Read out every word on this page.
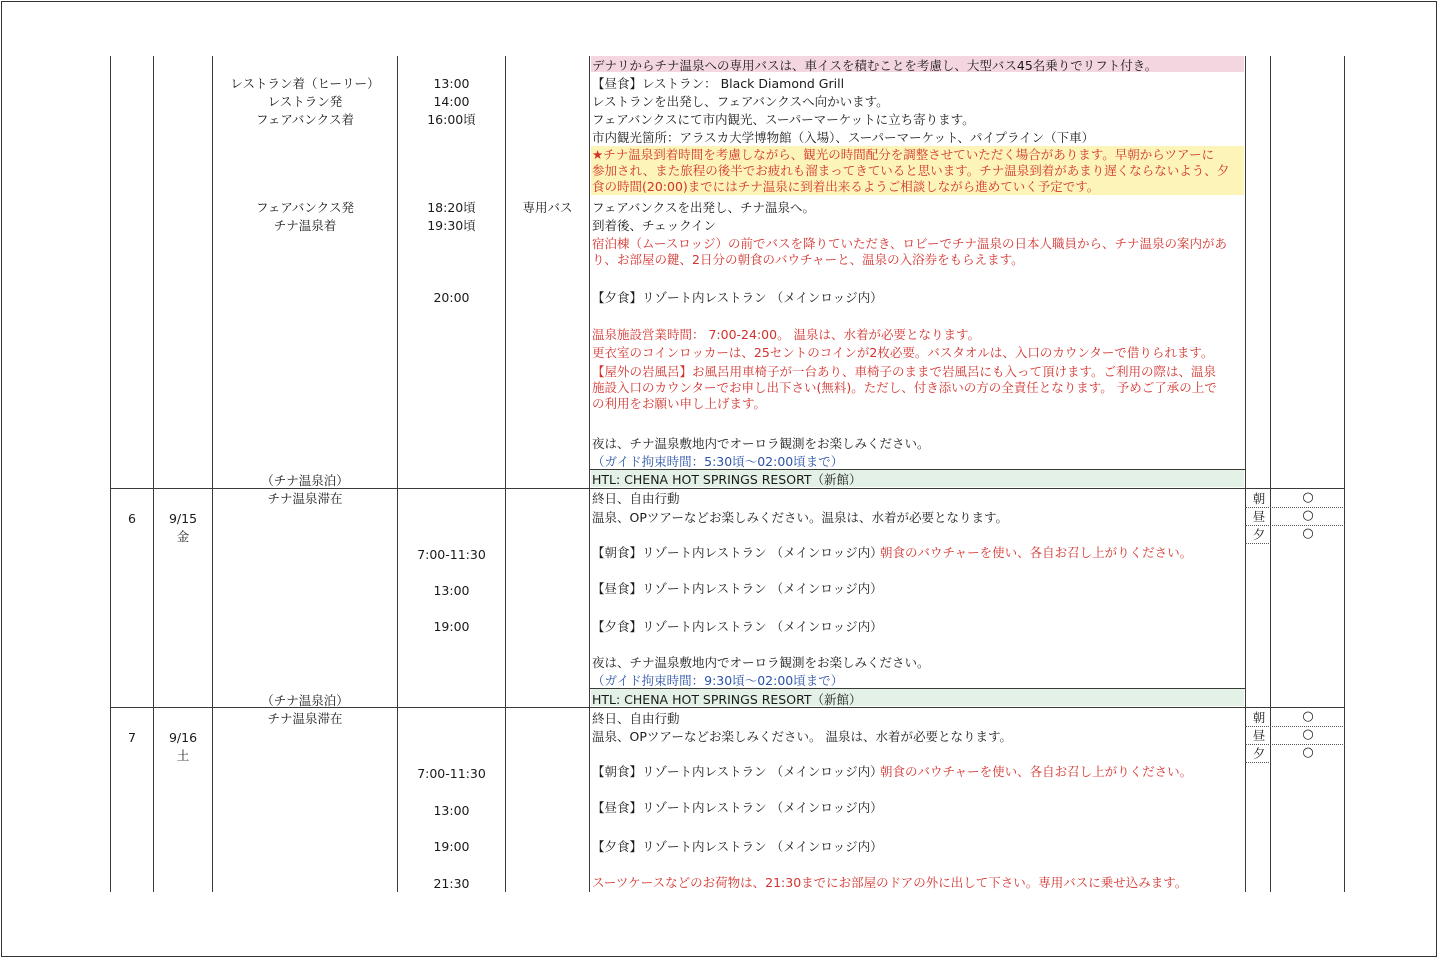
レストラン着（ヒーリー）
レストラン発
フェアバンクス着
フェアバンクス発
チナ温泉着
（チナ温泉泊）
13:00
14:00
16:00頃
18:20頃
19:30頃
20:00
専用バス
デナリからチナ温泉への専用バスは、車イスを積むことを考慮し、大型バス45名乗りでリフト付き。
【昼食】レストラン： Black Diamond Grill
レストランを出発し、フェアバンクスへ向かいます。
フェアバンクスにて市内観光、スーパーマーケットに立ち寄ります。
市内観光箇所：アラスカ大学博物館（入場）、スーパーマーケット、パイプライン（下車）
★チナ温泉到着時間を考慮しながら、観光の時間配分を調整させていただく場合があります。早朝からツアーに
参加され、また旅程の後半でお疲れも溜まってきていると思います。チナ温泉到着があまり遅くならないよう、夕
食の時間(20:00)までにはチナ温泉に到着出来るようご相談しながら進めていく予定です。
フェアバンクスを出発し、チナ温泉へ。
到着後、チェックイン
宿泊棟（ムースロッジ）の前でバスを降りていただき、ロビーでチナ温泉の日本人職員から、チナ温泉の案内があ
り、お部屋の鍵、2日分の朝食のバウチャーと、温泉の入浴券をもらえます。
【夕食】リゾート内レストラン （メインロッジ内）
温泉施設営業時間： 7:00-24:00。 温泉は、水着が必要となります。
更衣室のコインロッカーは、25セントのコインが2枚必要。バスタオルは、入口のカウンターで借りられます。
【屋外の岩風呂】お風呂用車椅子が一台あり、車椅子のままで岩風呂にも入って頂けます。ご利用の際は、温泉
施設入口のカウンターでお申し出下さい(無料)。ただし、付き添いの方の全責任となります。 予めご了承の上で
の利用をお願い申し上げます。
夜は、チナ温泉敷地内でオーロラ観測をお楽しみください。
（ガイド拘束時間：5:30頃～02:00頃まで）
HTL: CHENA HOT SPRINGS RESORT（新館）
6	9/15
金
チナ温泉滞在
（チナ温泉泊）
7:00-11:30
13:00
19:00
終日、自由行動
温泉、OPツアーなどお楽しみください。温泉は、水着が必要となります。
【朝食】リゾート内レストラン （メインロッジ内）
朝食のバウチャーを使い、各自お召し上がりください。
【昼食】リゾート内レストラン （メインロッジ内）
【夕食】リゾート内レストラン （メインロッジ内）
夜は、チナ温泉敷地内でオーロラ観測をお楽しみください。
（ガイド拘束時間：9:30頃～02:00頃まで）
HTL: CHENA HOT SPRINGS RESORT（新館）
朝
昼
夕
○
○
○
7	9/16
土
チナ温泉滞在
7:00-11:30
13:00
19:00
21:30
終日、自由行動
温泉、OPツアーなどお楽しみください。 温泉は、水着が必要となります。
【朝食】リゾート内レストラン （メインロッジ内）
朝食のバウチャーを使い、各自お召し上がりください。
【昼食】リゾート内レストラン （メインロッジ内）
【夕食】リゾート内レストラン （メインロッジ内）
スーツケースなどのお荷物は、21:30までにお部屋のドアの外に出して下さい。専用バスに乗せ込みます。
朝
昼
夕
○
○
○
